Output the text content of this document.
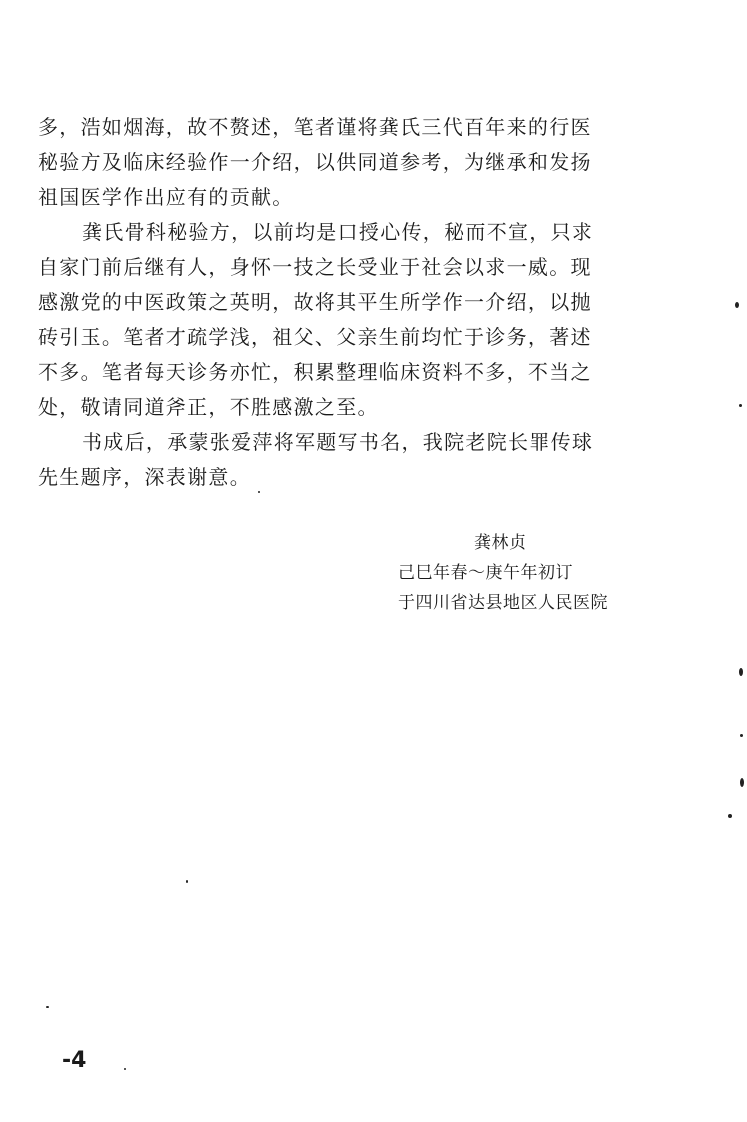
多，浩如烟海，故不赘述，笔者谨将龚氏三代百年来的行医
秘验方及临床经验作一介绍，以供同道参考，为继承和发扬
祖国医学作出应有的贡献。
龚氏骨科秘验方，以前均是口授心传，秘而不宣，只求
自家门前后继有人，身怀一技之长受业于社会以求一威。现
感激党的中医政策之英明，故将其平生所学作一介绍，以抛
砖引玉。笔者才疏学浅，祖父、父亲生前均忙于诊务，著述
不多。笔者每天诊务亦忙，积累整理临床资料不多，不当之
处，敬请同道斧正，不胜感激之至。
书成后，承蒙张爱萍将军题写书名，我院老院长罪传球
先生题序，深表谢意。
龚林贞
己巳年春～庚午年初订
于四川省达县地区人民医院
-4
